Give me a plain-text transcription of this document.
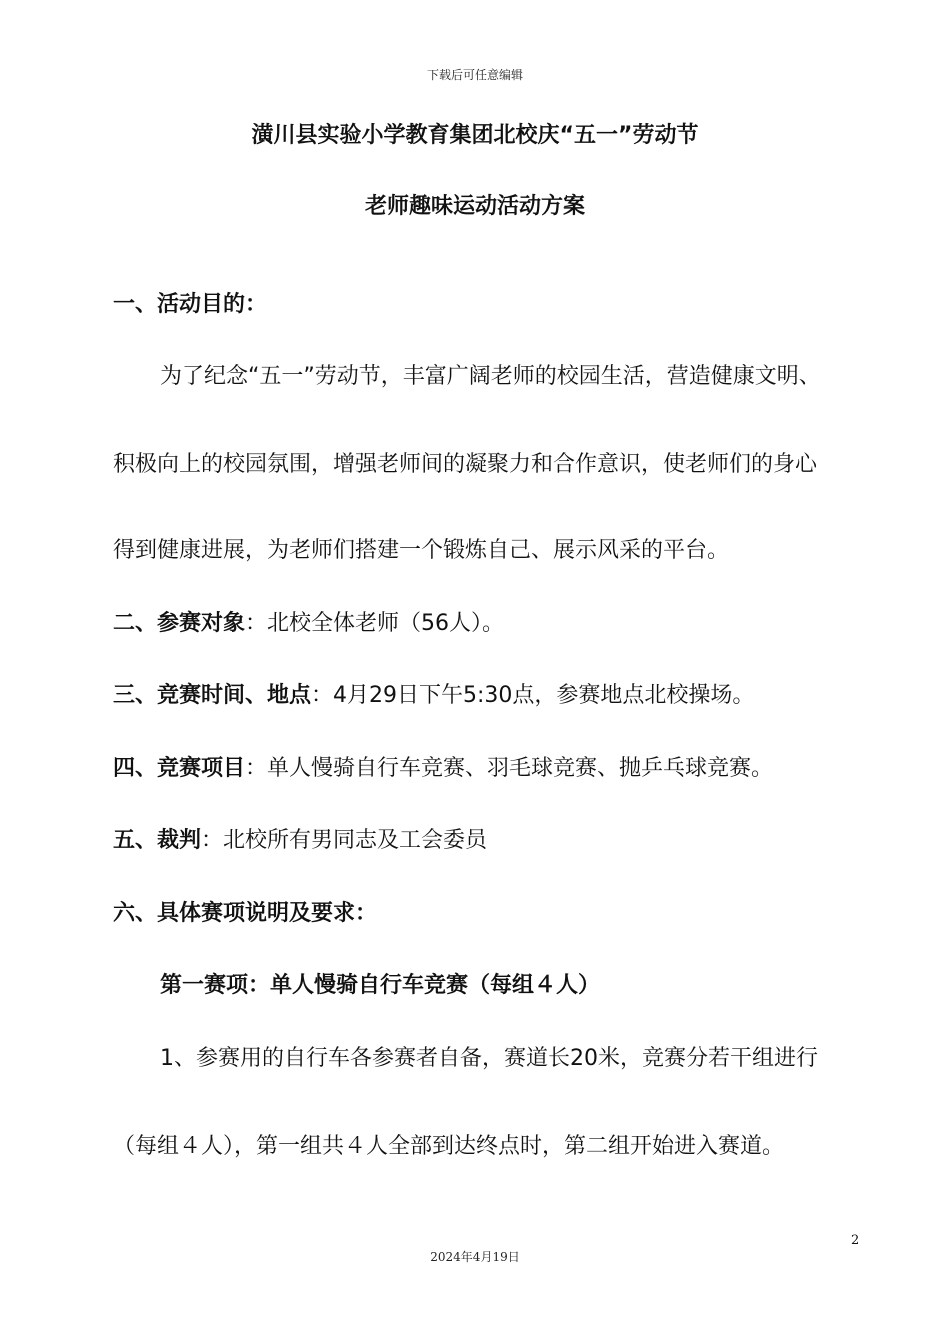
下载后可任意编辑
潢川县实验小学教育集团北校庆“五一”劳动节
老师趣味运动活动方案
一、活动目的：
为了纪念“五一”劳动节，丰富广阔老师的校园生活，营造健康文明、
积极向上的校园氛围，增强老师间的凝聚力和合作意识，使老师们的身心
得到健康进展，为老师们搭建一个锻炼自己、展示风采的平台。
二、参赛对象：北校全体老师（56人）。
三、竞赛时间、地点：4月29日下午5:30点，参赛地点北校操场。
四、竞赛项目：单人慢骑自行车竞赛、羽毛球竞赛、抛乒乓球竞赛。
五、裁判：北校所有男同志及工会委员
六、具体赛项说明及要求：
第一赛项：单人慢骑自行车竞赛（每组４人）
1、参赛用的自行车各参赛者自备，赛道长20米，竞赛分若干组进行
（每组４人），第一组共４人全部到达终点时，第二组开始进入赛道。
2
2024年4月19日
